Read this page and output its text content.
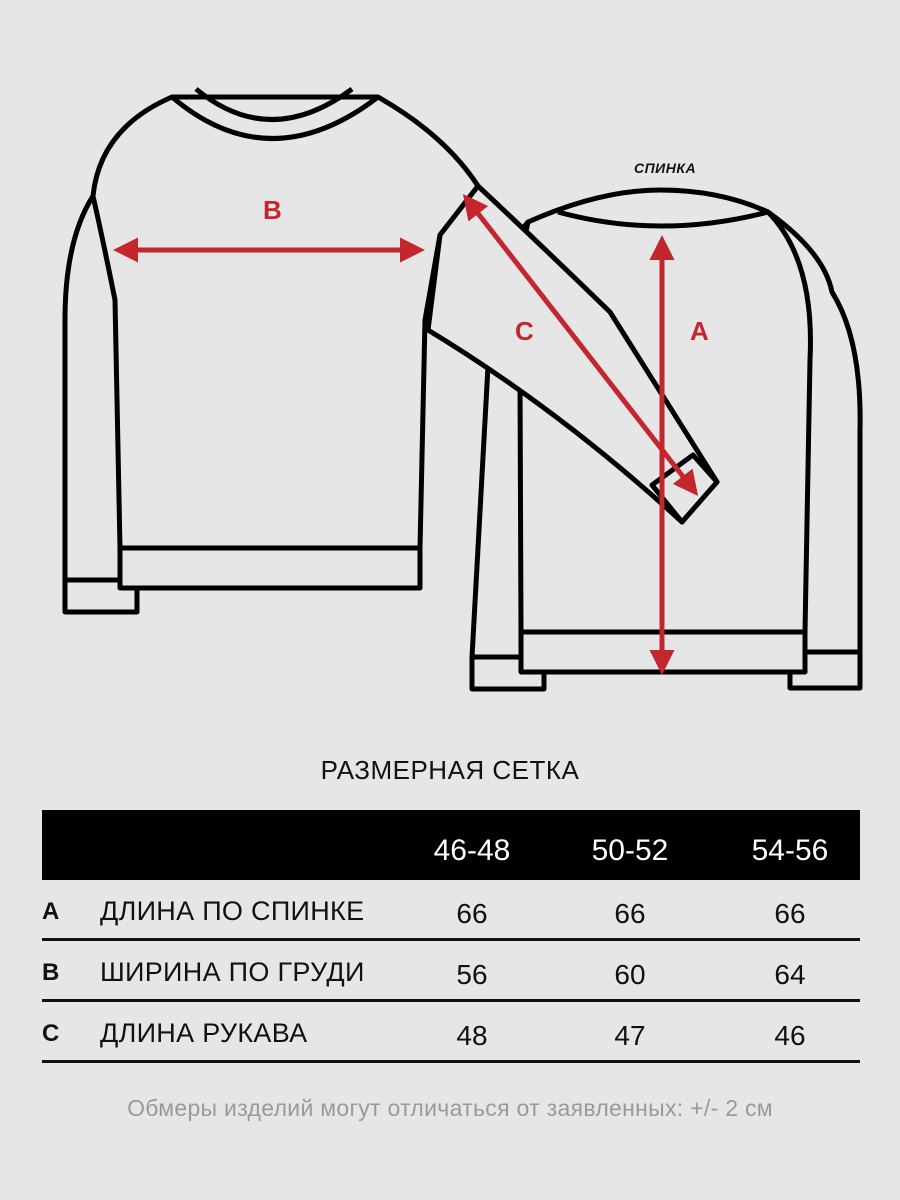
СПИНКА
B
C	A
РАЗМЕРНАЯ СЕТКА
46-48	50-52	54-56
A ДЛИНА ПО СПИНКЕ	66	66	66
B ШИРИНА ПО ГРУДИ	56	60	64
C ДЛИНА РУКАВА	48	47	46
Обмеры изделий могут отличаться от заявленных: +/- 2 см
